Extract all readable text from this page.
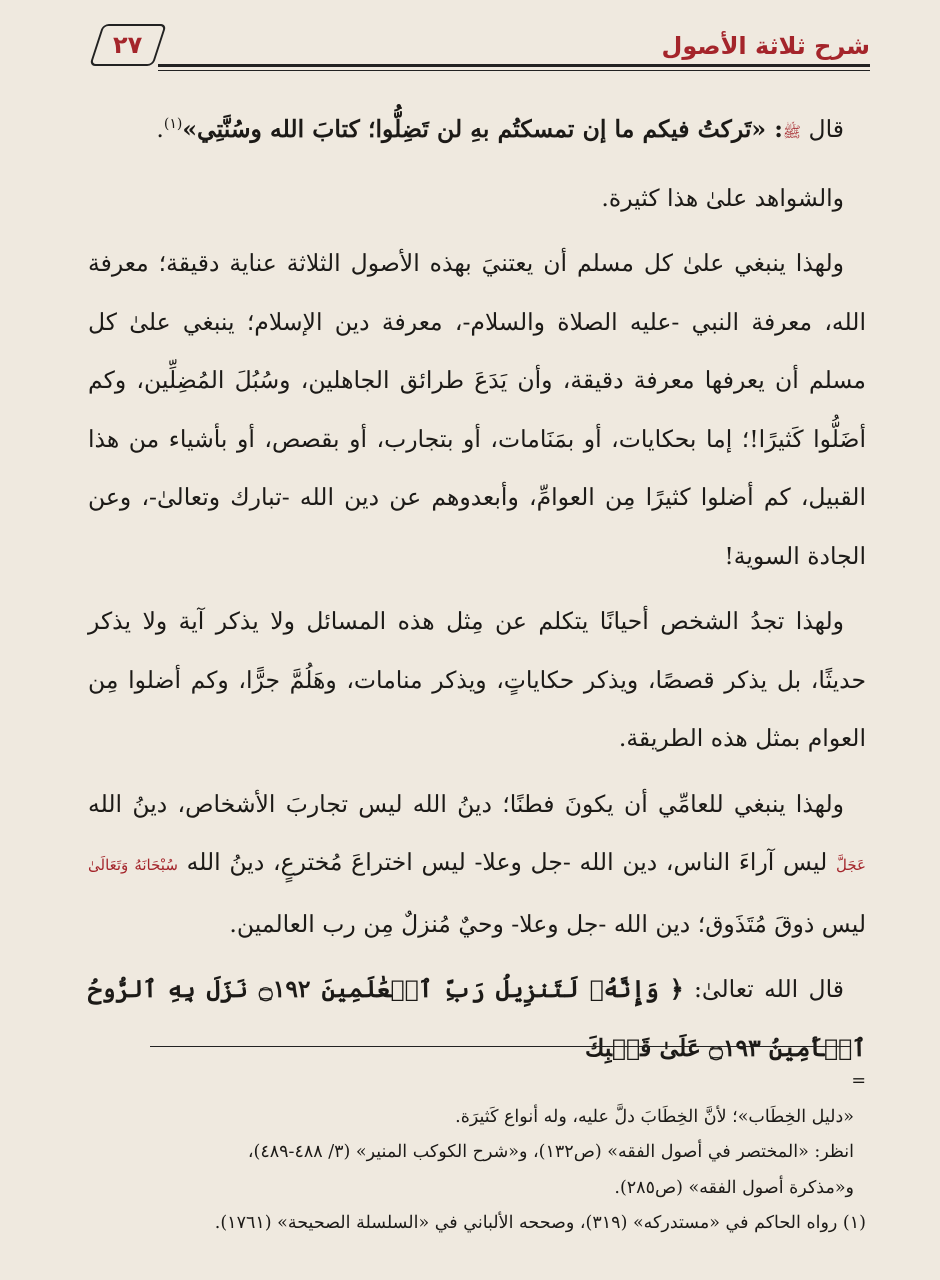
شرح ثلاثة الأصول
٢٧

قال ﷺ: «تَركتُ فيكم ما إن تمسكتُم بهِ لن تَضِلُّوا؛ كتابَ الله وسُنَّتِي»$^{(١)}$.

والشواهد علىٰ هذا كثيرة.

ولهذا ينبغي علىٰ كل مسلم أن يعتنيَ بهذه الأصول الثلاثة عناية دقيقة؛ معرفة الله، معرفة النبي -عليه الصلاة والسلام-، معرفة دين الإسلام؛ ينبغي علىٰ كل مسلم أن يعرفها معرفة دقيقة، وأن يَدَعَ طرائق الجاهلين، وسُبُلَ المُضِلِّين، وكم أضَلُّوا كَثيرًا!؛ إما بحكايات، أو بمَنَامات، أو بتجارب، أو بقصص، أو بأشياء من هذا القبيل، كم أضلوا كثيرًا مِن العوامِّ، وأبعدوهم عن دين الله -تبارك وتعالىٰ-، وعن الجادة السوية!

ولهذا تجدُ الشخص أحيانًا يتكلم عن مِثل هذه المسائل ولا يذكر آية ولا يذكر حديثًا، بل يذكر قصصًا، ويذكر حكاياتٍ، ويذكر منامات، وهَلُمَّ جرًّا، وكم أضلوا مِن العوام بمثل هذه الطريقة.

ولهذا ينبغي للعامِّي أن يكونَ فطنًا؛ دينُ الله ليس تجاربَ الأشخاص، دينُ الله عَجَلَّ ليس آراءَ الناس، دين الله -جل وعلا- ليس اختراعَ مُخترعٍ، دينُ الله سُبْحَانَهُ وَتَعَالَىٰ ليس ذوقَ مُتَذَوق؛ دين الله -جل وعلا- وحيٌ مُنزلٌ مِن رب العالمين.

قال الله تعالىٰ: ﴿ وَإِنَّهُۥ لَتَنزِيلُ رَبِّ ٱلۡعَٰلَمِينَ ۝١٩٢ نَزَلَ بِهِ ٱلرُّوحُ ٱلۡأَمِينُ ۝١٩٣ عَلَىٰ قَلۡبِكَ

=

«دليل الخِطَاب»؛ لأنَّ الخِطَابَ دلَّ عليه، وله أنواع كَثيرَة.

انظر: «المختصر في أصول الفقه» (ص١٣٢)، و«شرح الكوكب المنير» (٣/ ٤٨٨-٤٨٩)،

و«مذكرة أصول الفقه» (ص٢٨٥).

(١) رواه الحاكم في «مستدركه» (٣١٩)، وصححه الألباني في «السلسلة الصحيحة» (١٧٦١).
